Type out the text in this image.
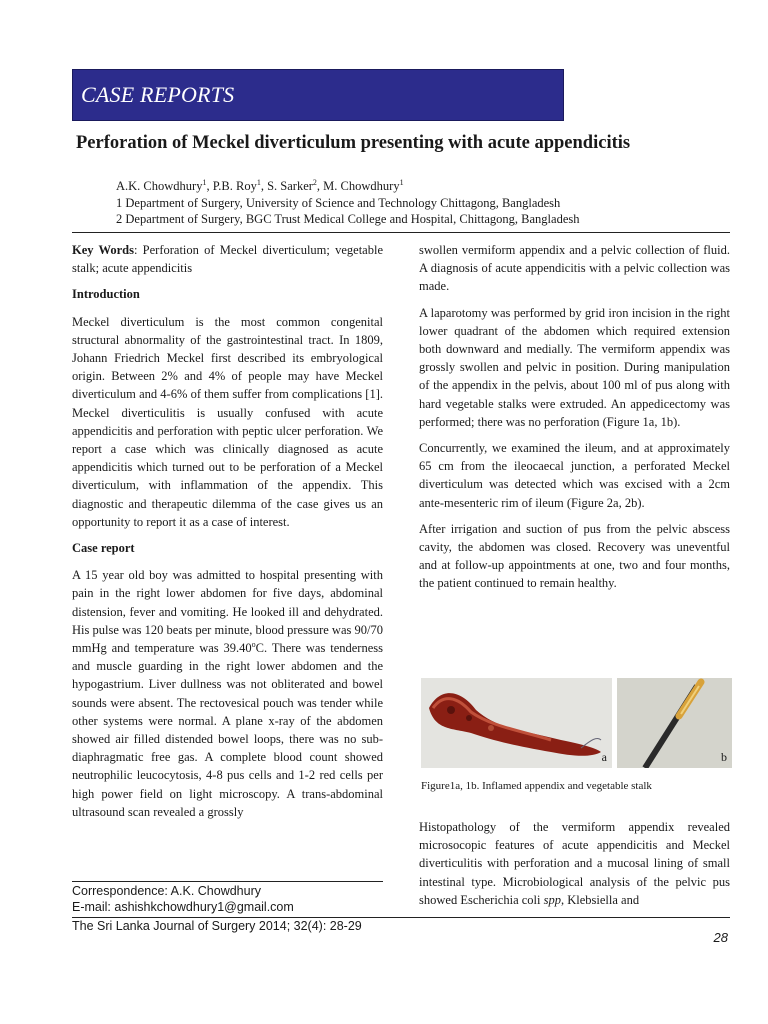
CASE REPORTS
Perforation of Meckel diverticulum presenting with acute appendicitis
A.K. Chowdhury$^1$, P.B. Roy$^1$, S. Sarker$^2$, M. Chowdhury$^1$
1 Department of Surgery, University of Science and Technology Chittagong, Bangladesh
2 Department of Surgery, BGC Trust Medical College and Hospital, Chittagong, Bangladesh

Key Words: Perforation of Meckel diverticulum; vegetable stalk; acute appendicitis

Introduction

Meckel diverticulum is the most common congenital structural abnormality of the gastrointestinal tract. In 1809, Johann Friedrich Meckel first described its embryological origin. Between 2% and 4% of people may have Meckel diverticulum and 4-6% of them suffer from complications [1]. Meckel diverticulitis is usually confused with acute appendicitis and perforation with peptic ulcer perforation. We report a case which was clinically diagnosed as acute appendicitis which turned out to be perforation of a Meckel diverticulum, with inflammation of the appendix. This diagnostic and therapeutic dilemma of the case gives us an opportunity to report it as a case of interest.

Case report

A 15 year old boy was admitted to hospital presenting with pain in the right lower abdomen for five days, abdominal distension, fever and vomiting. He looked ill and dehydrated. His pulse was 120 beats per minute, blood pressure was 90/70 mmHg and temperature was 39.40$^o$C. There was tenderness and muscle guarding in the right lower abdomen and the hypogastrium. Liver dullness was not obliterated and bowel sounds were absent. The rectovesical pouch was tender while other systems were normal. A plane x-ray of the abdomen showed air filled distended bowel loops, there was no sub-diaphragmatic free gas. A complete blood count showed neutrophilic leucocytosis, 4-8 pus cells and 1-2 red cells per high power field on light microscopy. A trans-abdominal ultrasound scan revealed a grossly

swollen vermiform appendix and a pelvic collection of fluid. A diagnosis of acute appendicitis with a pelvic collection was made.

A laparotomy was performed by grid iron incision in the right lower quadrant of the abdomen which required extension both downward and medially. The vermiform appendix was grossly swollen and pelvic in position. During manipulation of the appendix in the pelvis, about 100 ml of pus along with hard vegetable stalks were extruded. An appedicectomy was performed; there was no perforation (Figure 1a, 1b).

Concurrently, we examined the ileum, and at approximately 65 cm from the ileocaecal junction, a perforated Meckel diverticulum was detected which was excised with a 2cm ante-mesenteric rim of ileum (Figure 2a, 2b).

After irrigation and suction of pus from the pelvic abscess cavity, the abdomen was closed. Recovery was uneventful and at follow-up appointments at one, two and four months, the patient continued to remain healthy.

a	b
Figure1a, 1b. Inflamed appendix and vegetable stalk

Histopathology of the vermiform appendix revealed microsocopic features of acute appendicitis and Meckel diverticulitis with perforation and a mucosal lining of small intestinal type. Microbiological analysis of the pelvic pus showed Escherichia coli spp, Klebsiella and

Correspondence: A.K. Chowdhury
E-mail: ashishkchowdhury1@gmail.com
The Sri Lanka Journal of Surgery 2014; 32(4): 28-29
28
